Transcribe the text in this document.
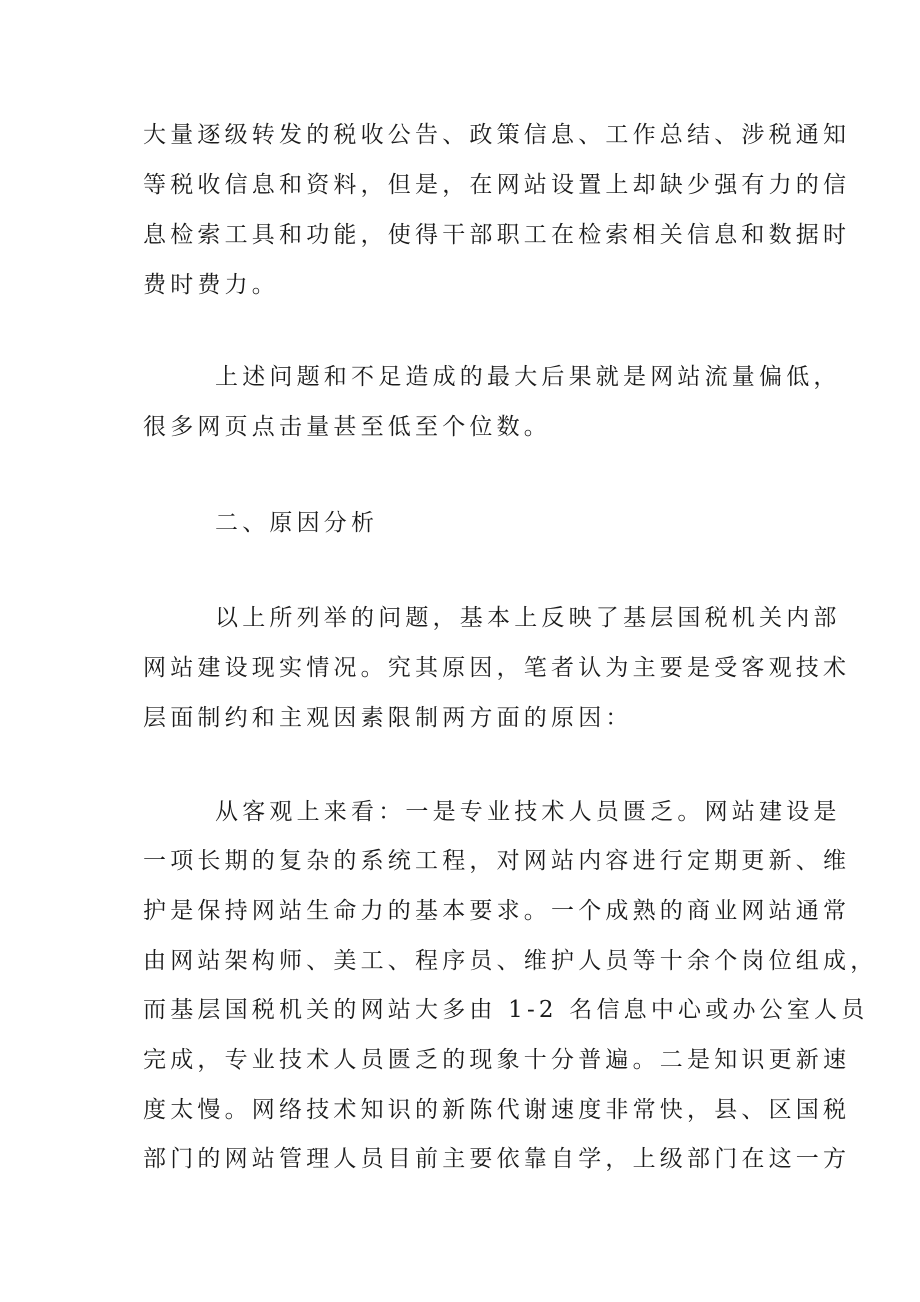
大量逐级转发的税收公告、政策信息、工作总结、涉税通知
等税收信息和资料，但是，在网站设置上却缺少强有力的信
息检索工具和功能，使得干部职工在检索相关信息和数据时
费时费力。
上述问题和不足造成的最大后果就是网站流量偏低，
很多网页点击量甚至低至个位数。
二、原因分析
以上所列举的问题，基本上反映了基层国税机关内部
网站建设现实情况。究其原因，笔者认为主要是受客观技术
层面制约和主观因素限制两方面的原因：
从客观上来看：一是专业技术人员匮乏。网站建设是
一项长期的复杂的系统工程，对网站内容进行定期更新、维
护是保持网站生命力的基本要求。一个成熟的商业网站通常
由网站架构师、美工、程序员、维护人员等十余个岗位组成，
而基层国税机关的网站大多由 1-2 名信息中心或办公室人员
完成，专业技术人员匮乏的现象十分普遍。二是知识更新速
度太慢。网络技术知识的新陈代谢速度非常快，县、区国税
部门的网站管理人员目前主要依靠自学，上级部门在这一方
